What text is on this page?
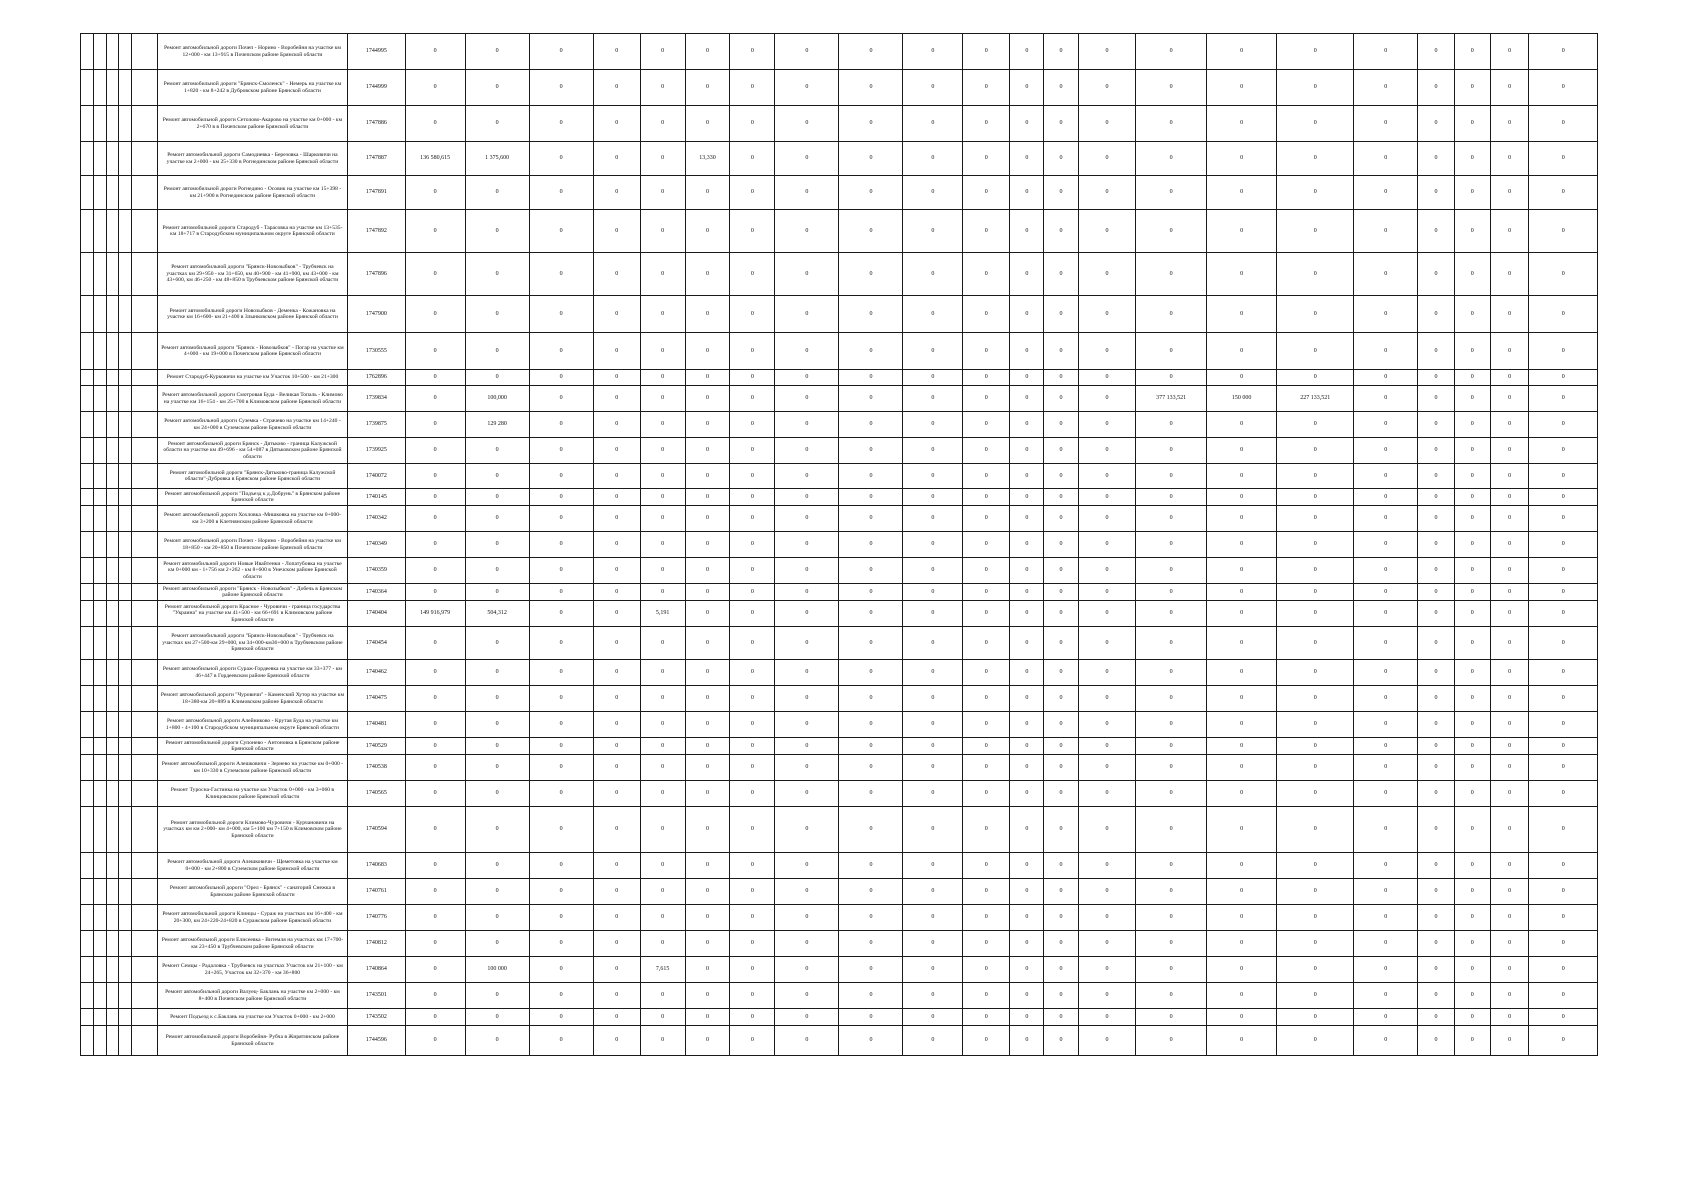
					Ремонт автомобильной дороги Почеп - Норино - Воробейня на участке км 12+000 - км 13+915 в Почепском районе Брянской области	1744995	0	0	0	0	0	0	0	0	0	0	0	0	0	0	0	0	0	0	0	0	0	0
					Ремонт автомобильной дороги "Брянск-Смоленск" - Немерь на участке км 1+820 - км 8+242 в Дубровском районе Брянской области	1744999	0	0	0	0	0	0	0	0	0	0	0	0	0	0	0	0	0	0	0	0	0	0
					Ремонт автомобильной дороги Сетолово-Акарово на участке км 0+000 - км 2+670 в в Почепском районе Брянской области	1747886	0	0	0	0	0	0	0	0	0	0	0	0	0	0	0	0	0	0	0	0	0	0
					Ремонт автомобильной дороги Самодиевка - Березовка - Шарковичи на участке км 2+000 - км 25+330 в Рогнединском районе Брянской области	1747887	136 580,615	1 375,600	0	0	0	13,330	0	0	0	0	0	0	0	0	0	0	0	0	0	0	0	0
					Ремонт автомобильной дороги Рогнедино - Осовик на участке км 15+398 - км 21+900 в Рогнединском районе Брянской области	1747891	0	0	0	0	0	0	0	0	0	0	0	0	0	0	0	0	0	0	0	0	0	0
					Ремонт автомобильной дороги Стародуб - Тарасовка на участке км 13+535- км 18+717 в Стародубском муниципальном округе Брянской области	1747892	0	0	0	0	0	0	0	0	0	0	0	0	0	0	0	0	0	0	0	0	0	0
					Ремонт автомобильной дороги "Брянск-Новозыбков" - Трубчевск на участках км 29+950 - км 31+650, км 40+900 - км 41+900, км 43+000 - км 43+600, км 46+250 - км 48+850 в Трубчевском районе Брянской области	1747896	0	0	0	0	0	0	0	0	0	0	0	0	0	0	0	0	0	0	0	0	0	0
					Ремонт автомобильной дороги Новозыбков - Деменка - Кожановка на участке км 16+600- км 21+400 в Злынковском районе Брянской области	1747900	0	0	0	0	0	0	0	0	0	0	0	0	0	0	0	0	0	0	0	0	0	0
					Ремонт автомобильной дороги "Брянск - Новозыбков" - Погар на участке км 4+000 - км 19+000 в Почепском районе Брянской области	1730555	0	0	0	0	0	0	0	0	0	0	0	0	0	0	0	0	0	0	0	0	0	0
					Ремонт Стародуб-Курковичи на участке км Участок 10+500 - км 21+300	1762896	0	0	0	0	0	0	0	0	0	0	0	0	0	0	0	0	0	0	0	0	0	0
					Ремонт автомобильной дороги Смотровая Буда - Великая Топаль - Климово на участке км 16+154 - км 25+700 в Климовском районе Брянской области	1739834	0	100,000	0	0	0	0	0	0	0	0	0	0	0	0	377 133,521	150 000	227 133,521	0	0	0	0	0
					Ремонт автомобильной дороги Суземка - Страчево на участке км 14+240 - км 24+000 в Суземском районе Брянской области	1739875	0	129 280	0	0	0	0	0	0	0	0	0	0	0	0	0	0	0	0	0	0	0	0
					Ремонт автомобильной дороги Брянск - Дятьково - граница Калужской области на участке км 49+696 - км 54+087 в Дятьковском районе Брянской области	1739925	0	0	0	0	0	0	0	0	0	0	0	0	0	0	0	0	0	0	0	0	0	0
					Ремонт автомобильной дороги "Брянск-Дятьково-граница Калужской области"-Дубровка в Брянском районе Брянской области	1740072	0	0	0	0	0	0	0	0	0	0	0	0	0	0	0	0	0	0	0	0	0	0
					Ремонт автомобильной дороги "Подъезд к д.Добрунь" в Брянском районе Брянской области	1740145	0	0	0	0	0	0	0	0	0	0	0	0	0	0	0	0	0	0	0	0	0	0
					Ремонт автомобильной дороги Хохловка -Мишковка на участке км 0+000-км 3+200 в Клетнянском районе Брянской области	1740342	0	0	0	0	0	0	0	0	0	0	0	0	0	0	0	0	0	0	0	0	0	0
					Ремонт автомобильной дороги Почеп - Норино - Воробейня на участке км 18+850 - км 20+850 в Почепском районе Брянской области	1740349	0	0	0	0	0	0	0	0	0	0	0	0	0	0	0	0	0	0	0	0	0	0
					Ремонт автомобильной дороги Новые Ивайтенки - Лопатубовка на участке км 0+000 км - 1+756 км 2+262 - км 8+600 в Унечском районе Брянской области	1740359	0	0	0	0	0	0	0	0	0	0	0	0	0	0	0	0	0	0	0	0	0	0
					Ремонт автомобильной дороги "Брянск - Новозыбков" - Добечь в Брянском районе Брянской области	1740364	0	0	0	0	0	0	0	0	0	0	0	0	0	0	0	0	0	0	0	0	0	0
					Ремонт автомобильной дороги Красное - Чуровичи - граница государства "Украина" на участке км 41+500 - км 66+691 в Климовском районе Брянской области	1740404	149 916,979	504,312	0	0	5,191	0	0	0	0	0	0	0	0	0	0	0	0	0	0	0	0	0
					Ремонт автомобильной дороги "Брянск-Новозыбков" - Трубчевск на участках км 27+500-км 29+000, км 34+000-км36+000 в Трубчевском районе Брянской области	1740454	0	0	0	0	0	0	0	0	0	0	0	0	0	0	0	0	0	0	0	0	0	0
					Ремонт автомобильной дороги Сураж-Гордеевка на участке км 33+377 - км 46+447 в Гордеевском районе Брянской области	1740462	0	0	0	0	0	0	0	0	0	0	0	0	0	0	0	0	0	0	0	0	0	0
					Ремонт автомобильной дороги "Чуровичи" - Каменский Хутор на участке км 18+380-км 20+889 в Климовском районе Брянской области	1740475	0	0	0	0	0	0	0	0	0	0	0	0	0	0	0	0	0	0	0	0	0	0
					Ремонт автомобильной дороги Алейниково - Крутая Буда на участке км 1+800 - 4+100 в Стародубском муниципальном округе Брянской области	1740481	0	0	0	0	0	0	0	0	0	0	0	0	0	0	0	0	0	0	0	0	0	0
					Ремонт автомобильной дороги Супонево - Антоновка в Брянском районе Брянской области	1740529	0	0	0	0	0	0	0	0	0	0	0	0	0	0	0	0	0	0	0	0	0	0
					Ремонт автомобильной дороги Алешковичи - Зернево на участке км 0+000 - км 10+330 в Суземском районе Брянской области	1740538	0	0	0	0	0	0	0	0	0	0	0	0	0	0	0	0	0	0	0	0	0	0
					Ремонт Туросна-Гастинка на участке км Участок 0+000 - км 3+060 в Клинцовском районе Брянской области	1740565	0	0	0	0	0	0	0	0	0	0	0	0	0	0	0	0	0	0	0	0	0	0
					Ремонт автомобильной дороги Климово-Чуровичи - Курчановичи на участках км км 2+000- км 4+000, км 5+100 км 7+150 в Климовском районе Брянской области	1740594	0	0	0	0	0	0	0	0	0	0	0	0	0	0	0	0	0	0	0	0	0	0
					Ремонт автомобильной дороги Алешковичи - Щеметовка на участке км 0+000 - км 2+800 в Суземском районе Брянской области	1740683	0	0	0	0	0	0	0	0	0	0	0	0	0	0	0	0	0	0	0	0	0	0
					Ремонт автомобильной дороги "Орел - Брянск" - санаторий Снежка в Брянском районе Брянской области	1740761	0	0	0	0	0	0	0	0	0	0	0	0	0	0	0	0	0	0	0	0	0	0
					Ремонт автомобильной дороги Клинцы - Сураж на участках км 16+400 - км 20+300, км 24+220-24+820 в Суражском районе Брянской области	1740776	0	0	0	0	0	0	0	0	0	0	0	0	0	0	0	0	0	0	0	0	0	0
					Ремонт автомобильной дороги Елисеевка - Витемля на участках км 17+700- км 23+450 в Трубчевском районе Брянской области	1740812	0	0	0	0	0	0	0	0	0	0	0	0	0	0	0	0	0	0	0	0	0	0
					Ремонт Семцы - Радаловка - Трубчевск на участках Участок км 21+100 - км 24+265, Участок км 32+370 - км 36+800	1740864	0	100 000	0	0	7,615	0	0	0	0	0	0	0	0	0	0	0	0	0	0	0	0	0
					Ремонт автомобильной дороги Валуец- Баклань на участке км 2+000 - км 8+400 в Почепском районе Брянской области	1743501	0	0	0	0	0	0	0	0	0	0	0	0	0	0	0	0	0	0	0	0	0	0
					Ремонт Подъезд к с.Баклань на участке км Участок 0+000 - км 2+000	1743502	0	0	0	0	0	0	0	0	0	0	0	0	0	0	0	0	0	0	0	0	0	0
					Ремонт автомобильной дороги Воробейня- Рубча в Жирятинском районе Брянской области	1744596	0	0	0	0	0	0	0	0	0	0	0	0	0	0	0	0	0	0	0	0	0	0
